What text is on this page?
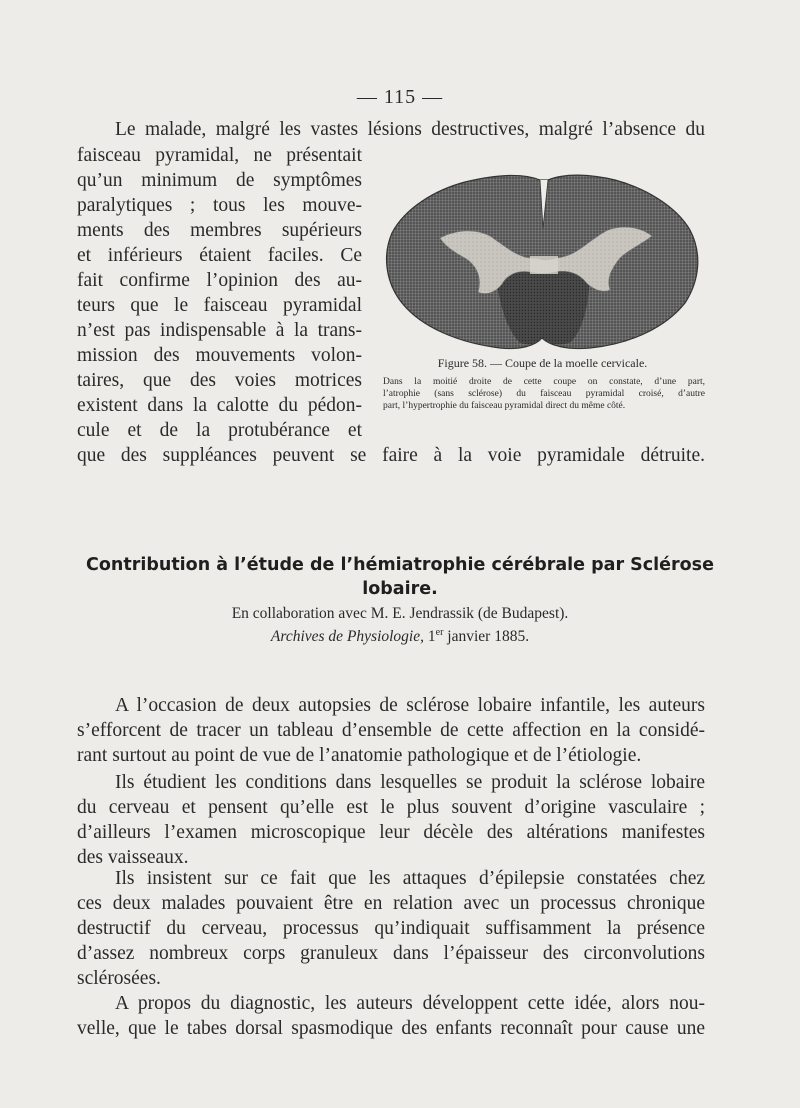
— 115 —
Le malade, malgré les vastes lésions destructives, malgré l’absence du
faisceau pyramidal, ne présentait
qu’un minimum de symptômes
paralytiques ; tous les mouve-
ments des membres supérieurs
et inférieurs étaient faciles. Ce
fait confirme l’opinion des au-
teurs que le faisceau pyramidal
n’est pas indispensable à la trans-
mission des mouvements volon-
taires, que des voies motrices
existent dans la calotte du pédon-
cule et de la protubérance et
que des suppléances peuvent se faire à la voie pyramidale détruite.
Figure 58. — Coupe de la moelle cervicale.
Dans la moitié droite de cette coupe on constate, d’une part,
l’atrophie (sans sclérose) du faisceau pyramidal croisé, d’autre
part, l’hypertrophie du faisceau pyramidal direct du même côté.
Contribution à l’étude de l’hémiatrophie cérébrale par Sclérose
lobaire.
En collaboration avec M. E. Jendrassik (de Budapest).
Archives de Physiologie, 1er janvier 1885.
A l’occasion de deux autopsies de sclérose lobaire infantile, les auteurs
s’efforcent de tracer un tableau d’ensemble de cette affection en la considé-
rant surtout au point de vue de l’anatomie pathologique et de l’étiologie.
Ils étudient les conditions dans lesquelles se produit la sclérose lobaire
du cerveau et pensent qu’elle est le plus souvent d’origine vasculaire ;
d’ailleurs l’examen microscopique leur décèle des altérations manifestes
des vaisseaux.
Ils insistent sur ce fait que les attaques d’épilepsie constatées chez
ces deux malades pouvaient être en relation avec un processus chronique
destructif du cerveau, processus qu’indiquait suffisamment la présence
d’assez nombreux corps granuleux dans l’épaisseur des circonvolutions
sclérosées.
A propos du diagnostic, les auteurs développent cette idée, alors nou-
velle, que le tabes dorsal spasmodique des enfants reconnaît pour cause une
